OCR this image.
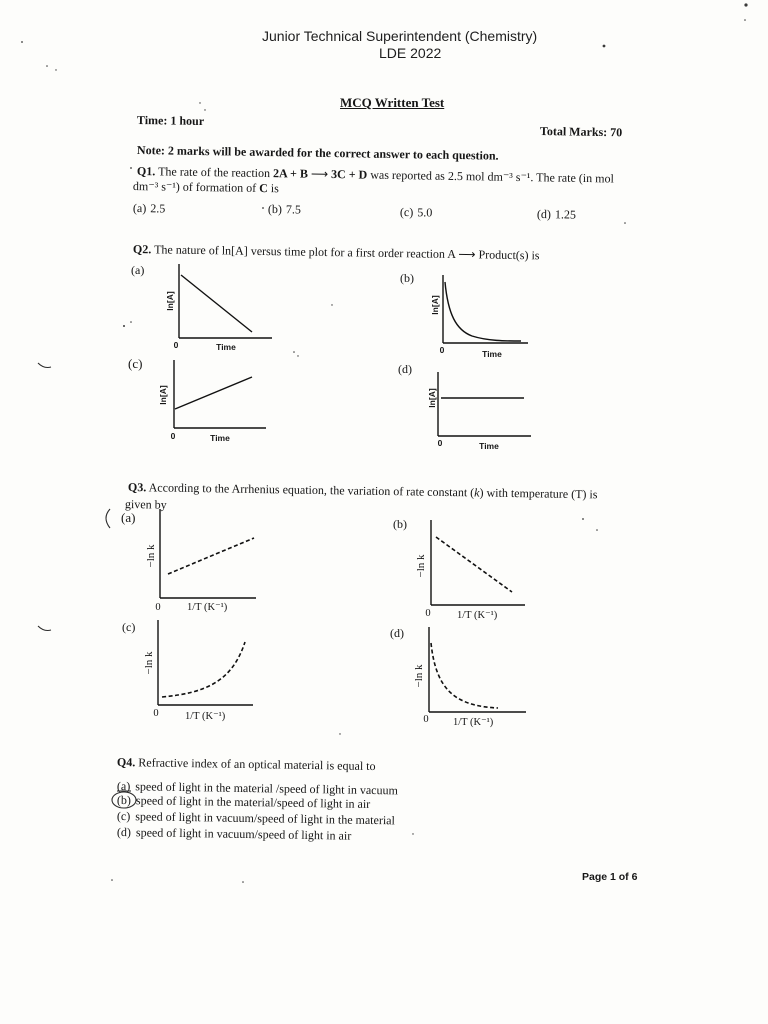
Junior Technical Superintendent (Chemistry)
LDE 2022
MCQ Written Test
Time: 1 hour
Total Marks: 70
Note: 2 marks will be awarded for the correct answer to each question.
Q1. The rate of the reaction 2A + B ⟶ 3C + D was reported as 2.5 mol dm⁻³ s⁻¹. The rate (in mol
dm⁻³ s⁻¹) of formation of C is
(a) 2.5	(b) 7.5	(c) 5.0	(d) 1.25
Q2. The nature of ln[A] versus time plot for a first order reaction A ⟶ Product(s) is
Q3. According to the Arrhenius equation, the variation of rate constant (k) with temperature (T) is
given by
Q4. Refractive index of an optical material is equal to
(a) speed of light in the material /speed of light in vacuum
(b) speed of light in the material/speed of light in air
(c) speed of light in vacuum/speed of light in the material
(d) speed of light in vacuum/speed of light in air
Page 1 of 6
(a)
ln[A]
0	Time
(b)
ln[A]
0	Time
(c)
ln[A]
0	Time
(d)
ln[A]
0	Time
(a)
−ln k
0	1/T (K⁻¹)
(b)
−ln k
0	1/T (K⁻¹)
(c)
−ln k
0	1/T (K⁻¹)
(d)
−ln k
0 1/T (K⁻¹)
